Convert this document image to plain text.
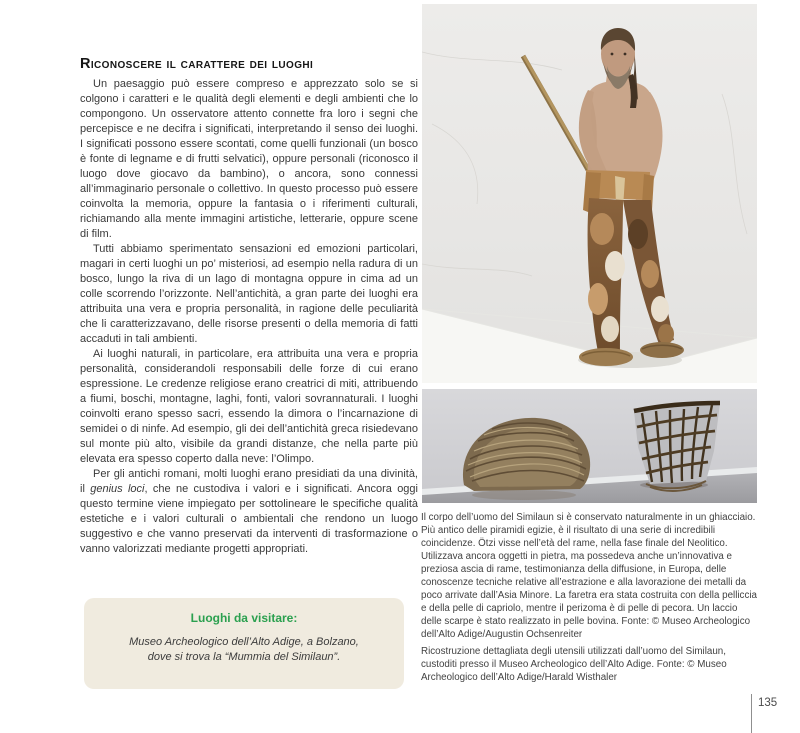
Riconoscere il carattere dei luoghi

Un paesaggio può essere compreso e apprezzato solo se si colgono i caratteri e le qualità degli elementi e degli ambienti che lo compongono. Un osservatore attento connette fra loro i segni che percepisce e ne decifra i significati, interpretando il senso dei luoghi. I significati possono essere scontati, come quelli funzionali (un bosco è fonte di legname e di frutti selvatici), oppure personali (riconosco il luogo dove giocavo da bambino), o ancora, sono connessi all’immaginario personale o collettivo. In questo processo può essere coinvolta la memoria, oppure la fantasia o i riferimenti culturali, richiamando alla mente immagini artistiche, letterarie, oppure scene di film.

Tutti abbiamo sperimentato sensazioni ed emozioni particolari, magari in certi luoghi un po’ misteriosi, ad esempio nella radura di un bosco, lungo la riva di un lago di montagna oppure in cima ad un colle scorrendo l’orizzonte. Nell’antichità, a gran parte dei luoghi era attribuita una vera e propria personalità, in ragione delle peculiarità che li caratterizzavano, delle risorse presenti o della memoria di fatti accaduti in tali ambienti.

Ai luoghi naturali, in particolare, era attribuita una vera e propria personalità, considerandoli responsabili delle forze di cui erano espressione. Le credenze religiose erano creatrici di miti, attribuendo a fiumi, boschi, montagne, laghi, fonti, valori sovrannaturali. I luoghi coinvolti erano spesso sacri, essendo la dimora o l’incarnazione di semidei o di ninfe. Ad esempio, gli dei dell’antichità greca risiedevano sul monte più alto, visibile da grandi distanze, che nella parte più elevata era spesso coperto dalla neve: l’Olimpo.

Per gli antichi romani, molti luoghi erano presidiati da una divinità, il genius loci, che ne custodiva i valori e i significati. Ancora oggi questo termine viene impiegato per sottolineare le specifiche qualità estetiche e i valori culturali o ambientali che rendono un luogo suggestivo e che vanno preservati da interventi di trasformazione o vanno valorizzati mediante progetti appropriati.

Luoghi da visitare:
Museo Archeologico dell’Alto Adige, a Bolzano,
dove si trova la “Mummia del Similaun”.
Il corpo dell’uomo del Similaun si è conservato naturalmente in un ghiacciaio. Più antico delle piramidi egizie, è il risultato di una serie di incredibili coincidenze. Ötzi visse nell’età del rame, nella fase finale del Neolitico. Utilizzava ancora oggetti in pietra, ma possedeva anche un’innovativa e preziosa ascia di rame, testimonianza della diffusione, in Europa, delle conoscenze tecniche relative all’estrazione e alla lavorazione dei metalli da poco arrivate dall’Asia Minore. La faretra era stata costruita con della pelliccia e della pelle di capriolo, mentre il perizoma è di pelle di pecora. Un laccio delle scarpe è stato realizzato in pelle bovina. Fonte: © Museo Archeologico dell’Alto Adige/Augustin Ochsenreiter
Ricostruzione dettagliata degli utensili utilizzati dall’uomo del Similaun, custoditi presso il Museo Archeologico dell’Alto Adige. Fonte: © Museo Archeologico dell’Alto Adige/Harald Wisthaler
135
